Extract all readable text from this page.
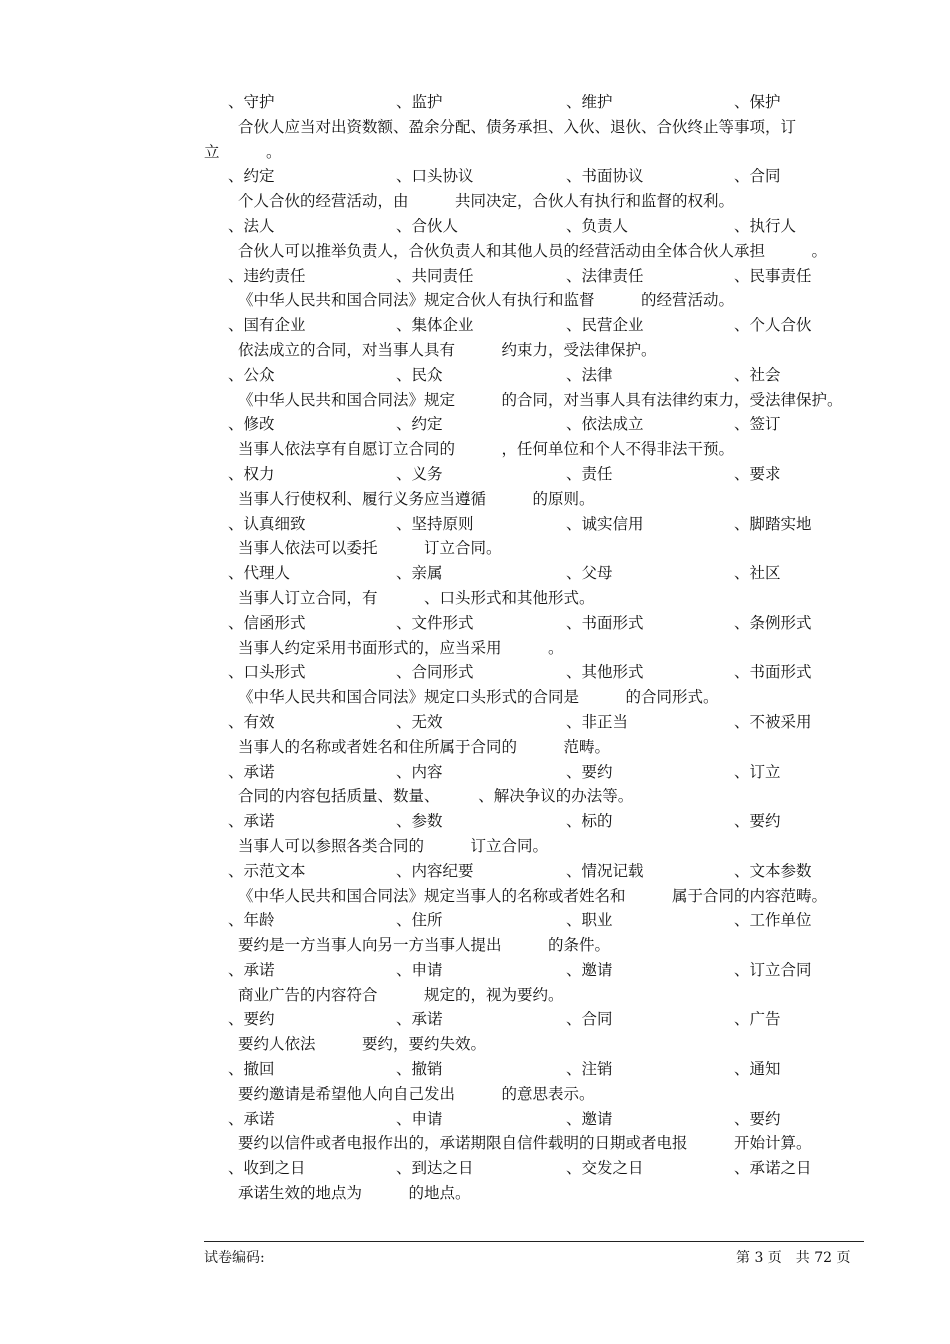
、守护	、监护	、维护	、保护
合伙人应当对出资数额、盈余分配、债务承担、入伙、退伙、合伙终止等事项，订立　　　。
、约定	、口头协议	、书面协议	、合同
个人合伙的经营活动，由　　　共同决定，合伙人有执行和监督的权利。
、法人	、合伙人	、负责人	、执行人
合伙人可以推举负责人，合伙负责人和其他人员的经营活动由全体合伙人承担　　　。
、违约责任	、共同责任	、法律责任	、民事责任
《中华人民共和国合同法》规定合伙人有执行和监督　　　的经营活动。
、国有企业	、集体企业	、民营企业	、个人合伙
依法成立的合同，对当事人具有　　　约束力，受法律保护。
、公众	、民众	、法律	、社会
《中华人民共和国合同法》规定　　　的合同，对当事人具有法律约束力，受法律保护。
、修改	、约定	、依法成立	、签订
当事人依法享有自愿订立合同的　　　，任何单位和个人不得非法干预。
、权力	、义务	、责任	、要求
当事人行使权利、履行义务应当遵循　　　的原则。
、认真细致	、坚持原则	、诚实信用	、脚踏实地
当事人依法可以委托　　　订立合同。
、代理人	、亲属	、父母	、社区
当事人订立合同，有　　　、口头形式和其他形式。
、信函形式	、文件形式	、书面形式	、条例形式
当事人约定采用书面形式的，应当采用　　　。
、口头形式	、合同形式	、其他形式	、书面形式
《中华人民共和国合同法》规定口头形式的合同是　　　的合同形式。
、有效	、无效	、非正当	、不被采用
当事人的名称或者姓名和住所属于合同的　　　范畴。
、承诺	、内容	、要约	、订立
合同的内容包括质量、数量、　　　、解决争议的办法等。
、承诺	、参数	、标的	、要约
当事人可以参照各类合同的　　　订立合同。
、示范文本	、内容纪要	、情况记载	、文本参数
《中华人民共和国合同法》规定当事人的名称或者姓名和　　　属于合同的内容范畴。
、年龄	、住所	、职业	、工作单位
要约是一方当事人向另一方当事人提出　　　的条件。
、承诺	、申请	、邀请	、订立合同
商业广告的内容符合　　　规定的，视为要约。
、要约	、承诺	、合同	、广告
要约人依法　　　要约，要约失效。
、撤回	、撤销	、注销	、通知
要约邀请是希望他人向自己发出　　　的意思表示。
、承诺	、申请	、邀请	、要约
要约以信件或者电报作出的，承诺期限自信件载明的日期或者电报　　　开始计算。
、收到之日	、到达之日	、交发之日	、承诺之日
承诺生效的地点为　　　的地点。
试卷编码:	第 3 页　共 72 页
